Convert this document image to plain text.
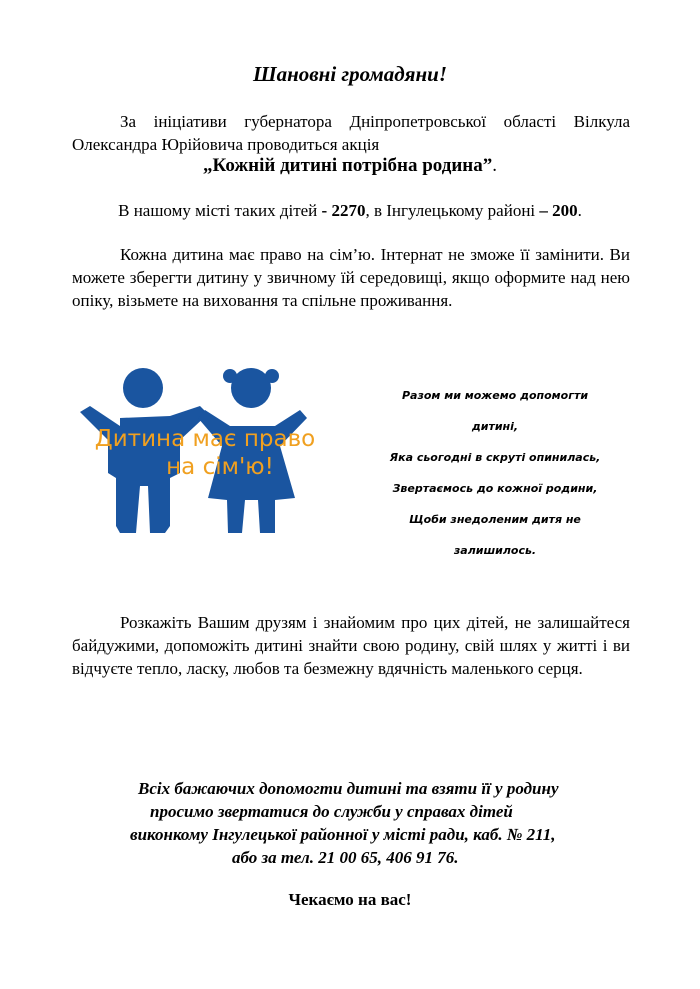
Шановні громадяни!
За ініціативи губернатора Дніпропетровської області Вілкула Олександра Юрійовича проводиться акція
„Кожній дитині потрібна родина”.
В нашому місті таких дітей - 2270, в Інгулецькому районі – 200.
Кожна дитина має право на сім’ю. Інтернат не зможе її замінити. Ви можете зберегти дитину у звичному їй середовищі, якщо оформите над нею опіку, візьмете на виховання та спільне проживання.
Дитина має право
на сім'ю!
Разом ми можемо допомогти
дитині,
Яка сьогодні в скруті опинилась,
Звертаємось до кожної родини,
Щоби знедоленим дитя не
залишилось.
Розкажіть Вашим друзям і знайомим про цих дітей, не залишайтеся байдужими, допоможіть дитині знайти свою родину, свій шлях у житті і ви відчуєте тепло, ласку, любов та безмежну вдячність маленького серця.
Всіх бажаючих допомогти дитині та взяти її у родину
просимо звертатися до служби у справах дітей
виконкому Інгулецької районної у місті ради, каб. № 211,
або за тел. 21 00 65, 406 91 76.
Чекаємо на вас!
